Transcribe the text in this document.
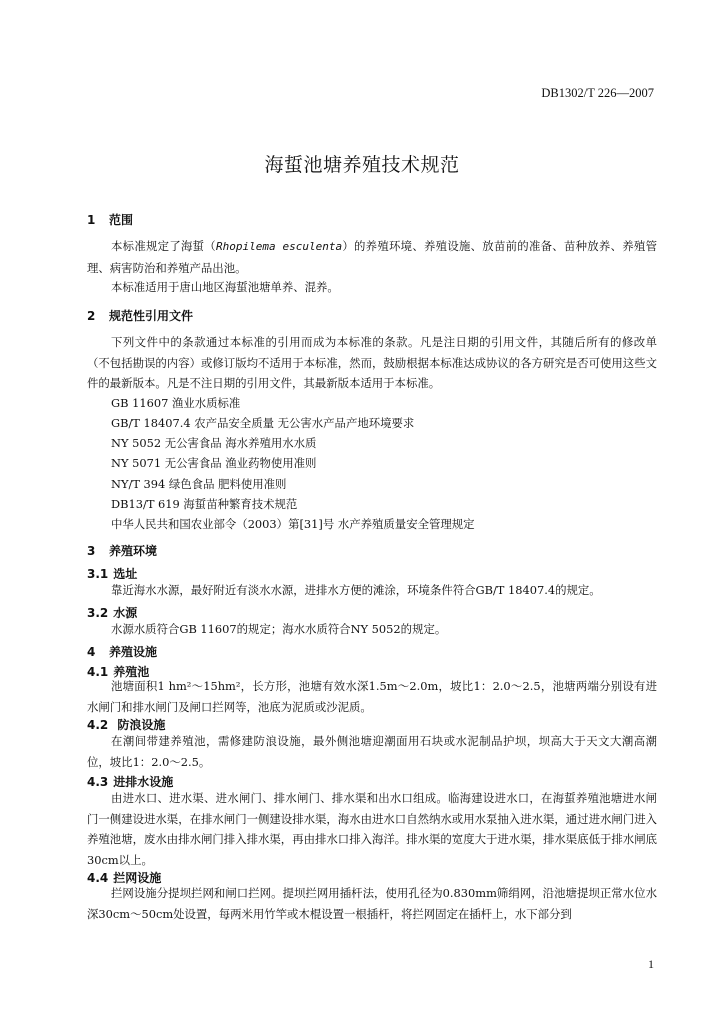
DB1302/T 226—2007
海蜇池塘养殖技术规范
1 范围
本标准规定了海蜇（Rhopilema esculenta）的养殖环境、养殖设施、放苗前的准备、苗种放养、养殖管理、病害防治和养殖产品出池。
本标准适用于唐山地区海蜇池塘单养、混养。
2 规范性引用文件
下列文件中的条款通过本标准的引用而成为本标准的条款。凡是注日期的引用文件，其随后所有的修改单（不包括勘误的内容）或修订版均不适用于本标准，然而，鼓励根据本标准达成协议的各方研究是否可使用这些文件的最新版本。凡是不注日期的引用文件，其最新版本适用于本标准。
GB 11607 渔业水质标准
GB/T 18407.4 农产品安全质量 无公害水产品产地环境要求
NY 5052 无公害食品 海水养殖用水水质
NY 5071 无公害食品 渔业药物使用准则
NY/T 394 绿色食品 肥料使用准则
DB13/T 619 海蜇苗种繁育技术规范
中华人民共和国农业部令（2003）第[31]号 水产养殖质量安全管理规定
3 养殖环境
3.1 选址
靠近海水水源，最好附近有淡水水源，进排水方便的滩涂，环境条件符合GB/T 18407.4的规定。
3.2 水源
水源水质符合GB 11607的规定；海水水质符合NY 5052的规定。
4 养殖设施
4.1 养殖池
池塘面积1 hm²～15hm²，长方形，池塘有效水深1.5m～2.0m，坡比1：2.0～2.5，池塘两端分别设有进水闸门和排水闸门及闸口拦网等，池底为泥质或沙泥质。
4.2 防浪设施
在潮间带建养殖池，需修建防浪设施，最外侧池塘迎潮面用石块或水泥制品护坝，坝高大于天文大潮高潮位，坡比1：2.0～2.5。
4.3 进排水设施
由进水口、进水渠、进水闸门、排水闸门、排水渠和出水口组成。临海建设进水口，在海蜇养殖池塘进水闸门一侧建设进水渠，在排水闸门一侧建设排水渠，海水由进水口自然纳水或用水泵抽入进水渠，通过进水闸门进入养殖池塘，废水由排水闸门排入排水渠，再由排水口排入海洋。排水渠的宽度大于进水渠，排水渠底低于排水闸底30cm以上。
4.4 拦网设施
拦网设施分提坝拦网和闸口拦网。提坝拦网用插杆法，使用孔径为0.830mm筛绢网，沿池塘提坝正常水位水深30cm～50cm处设置，每两米用竹竿或木棍设置一根插杆，将拦网固定在插杆上，水下部分到
1
